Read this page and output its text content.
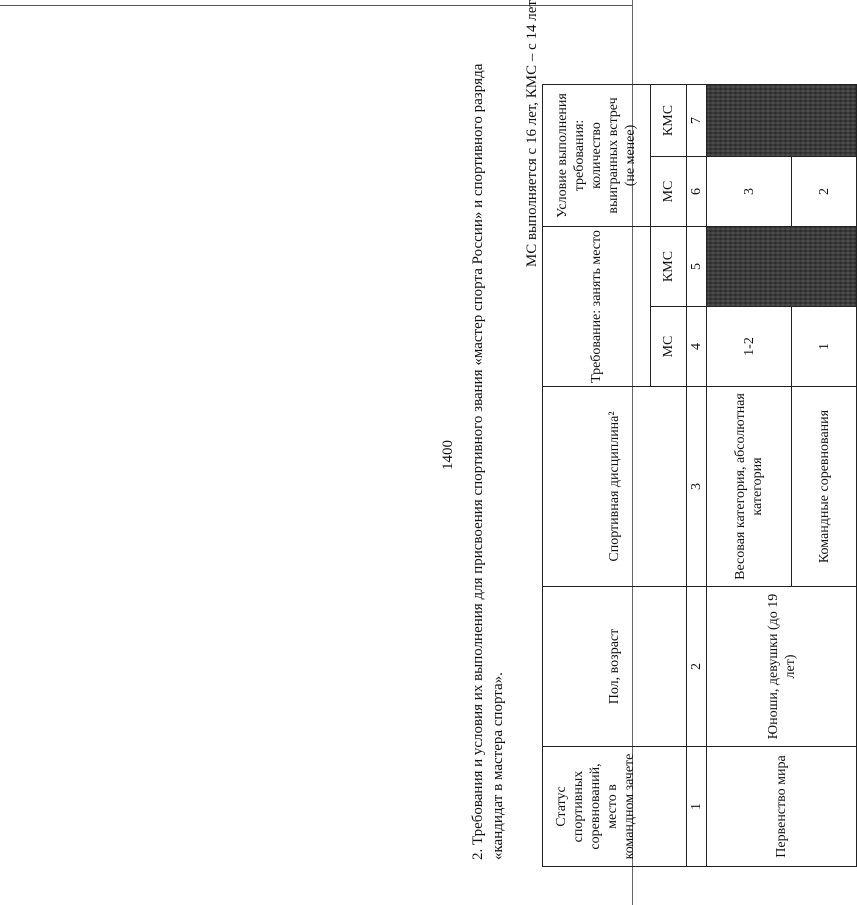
1400 2. Требования и условия их выполнения для присвоения спортивного звания «мастер спорта России» и спортивного разряда «кандидат в мастера спорта».
МС выполняется с 16 лет, КМС – с 14 лет
Статус спортивных соревнований, место в командном зачете	Пол, возраст	Спортивная дисциплина²	Требование: занять место		Условие выполнения требования: количество выигранных встреч (не менее)	
			МС	КМС	МС	КМС
1	2	3	4	5	6	7
Первенство мира	Юноши, девушки (до 19 лет)	Весовая категория, абсолютная категория	1-2		3	
		Командные соревнования	1		2	
